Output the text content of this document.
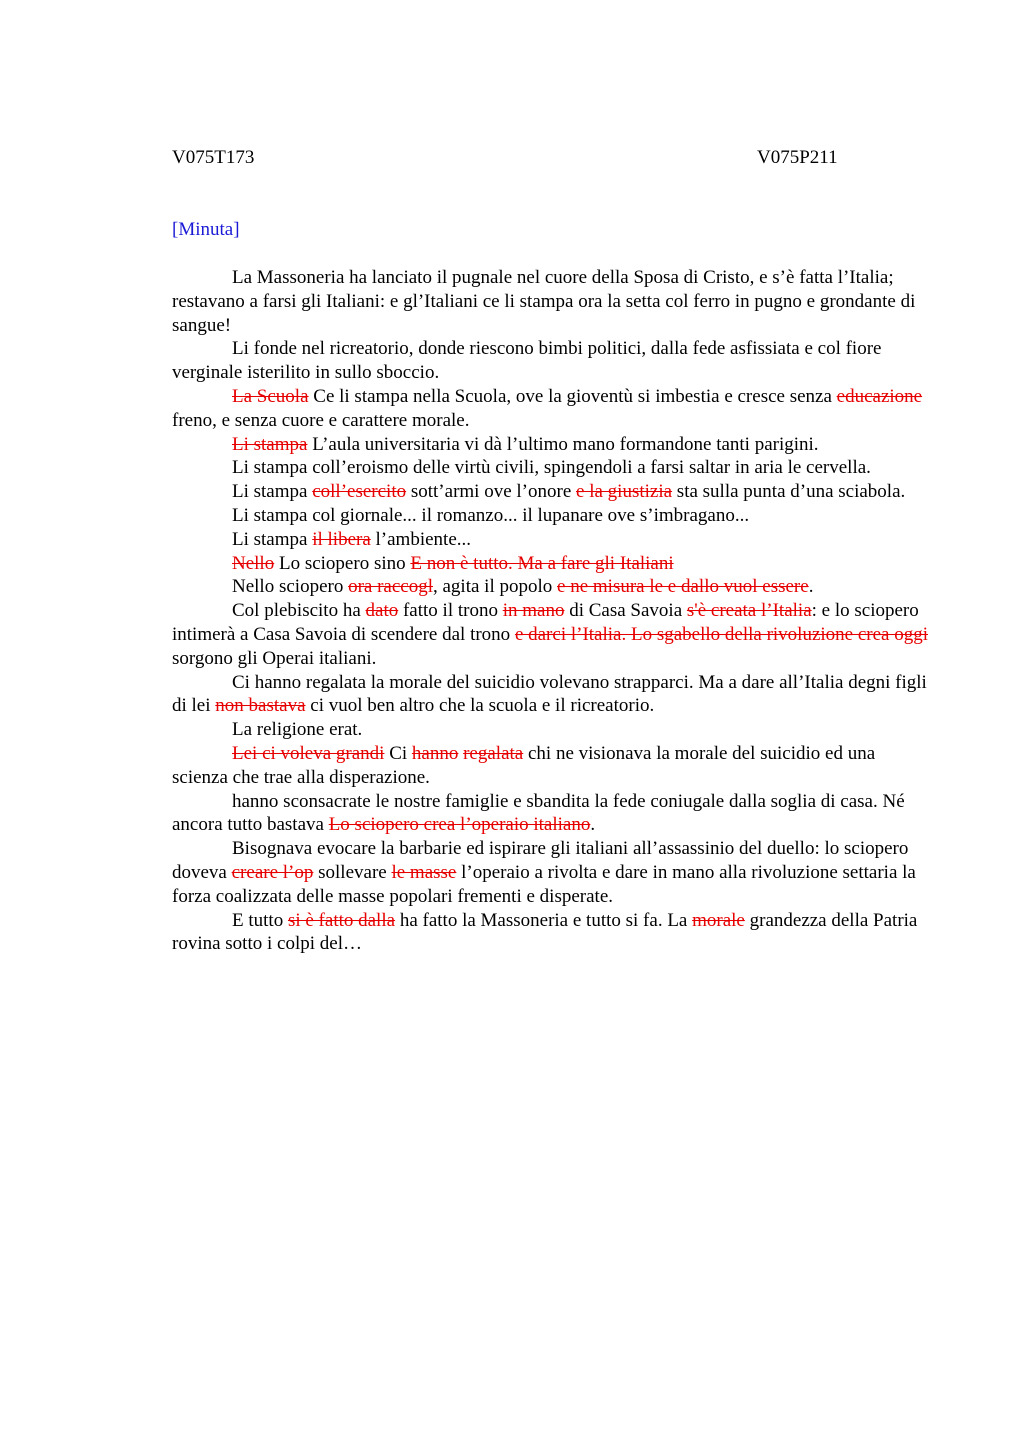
V075T173	V075P211
[Minuta]

La Massoneria ha lanciato il pugnale nel cuore della Sposa di Cristo, e s’è fatta l’Italia; restavano a farsi gli Italiani: e gl’Italiani ce li stampa ora la setta col ferro in pugno e grondante di sangue!

Li fonde nel ricreatorio, donde riescono bimbi politici, dalla fede asfissiata e col fiore verginale isterilito in sullo sboccio.

La Scuola Ce li stampa nella Scuola, ove la gioventù si imbestia e cresce senza educazione freno, e senza cuore e carattere morale.

Li stampa L’aula universitaria vi dà l’ultimo mano formandone tanti parigini.

Li stampa coll’eroismo delle virtù civili, spingendoli a farsi saltar in aria le cervella.

Li stampa coll’esercito sott’armi ove l’onore e la giustizia sta sulla punta d’una sciabola.

Li stampa col giornale... il romanzo... il lupanare ove s’imbragano...

Li stampa il libera l’ambiente...

Nello Lo sciopero sino E non è tutto. Ma a fare gli Italiani

Nello sciopero ora raccogl, agita il popolo e ne misura le e dallo vuol essere.

Col plebiscito ha dato fatto il trono in mano di Casa Savoia s'è creata l’Italia: e lo sciopero intimerà a Casa Savoia di scendere dal trono e darci l’Italia. Lo sgabello della rivoluzione crea oggi sorgono gli Operai italiani.

Ci hanno regalata la morale del suicidio volevano strapparci. Ma a dare all’Italia degni figli di lei non bastava ci vuol ben altro che la scuola e il ricreatorio.

La religione erat.

Lei ci voleva grandi Ci hanno regalata chi ne visionava la morale del suicidio ed una scienza che trae alla disperazione.

hanno sconsacrate le nostre famiglie e sbandita la fede coniugale dalla soglia di casa. Né ancora tutto bastava Lo sciopero crea l’operaio italiano.

Bisognava evocare la barbarie ed ispirare gli italiani all’assassinio del duello: lo sciopero doveva creare l’op sollevare le masse l’operaio a rivolta e dare in mano alla rivoluzione settaria la forza coalizzata delle masse popolari frementi e disperate.

E tutto si è fatto dalla ha fatto la Massoneria e tutto si fa. La morale grandezza della Patria rovina sotto i colpi del…
